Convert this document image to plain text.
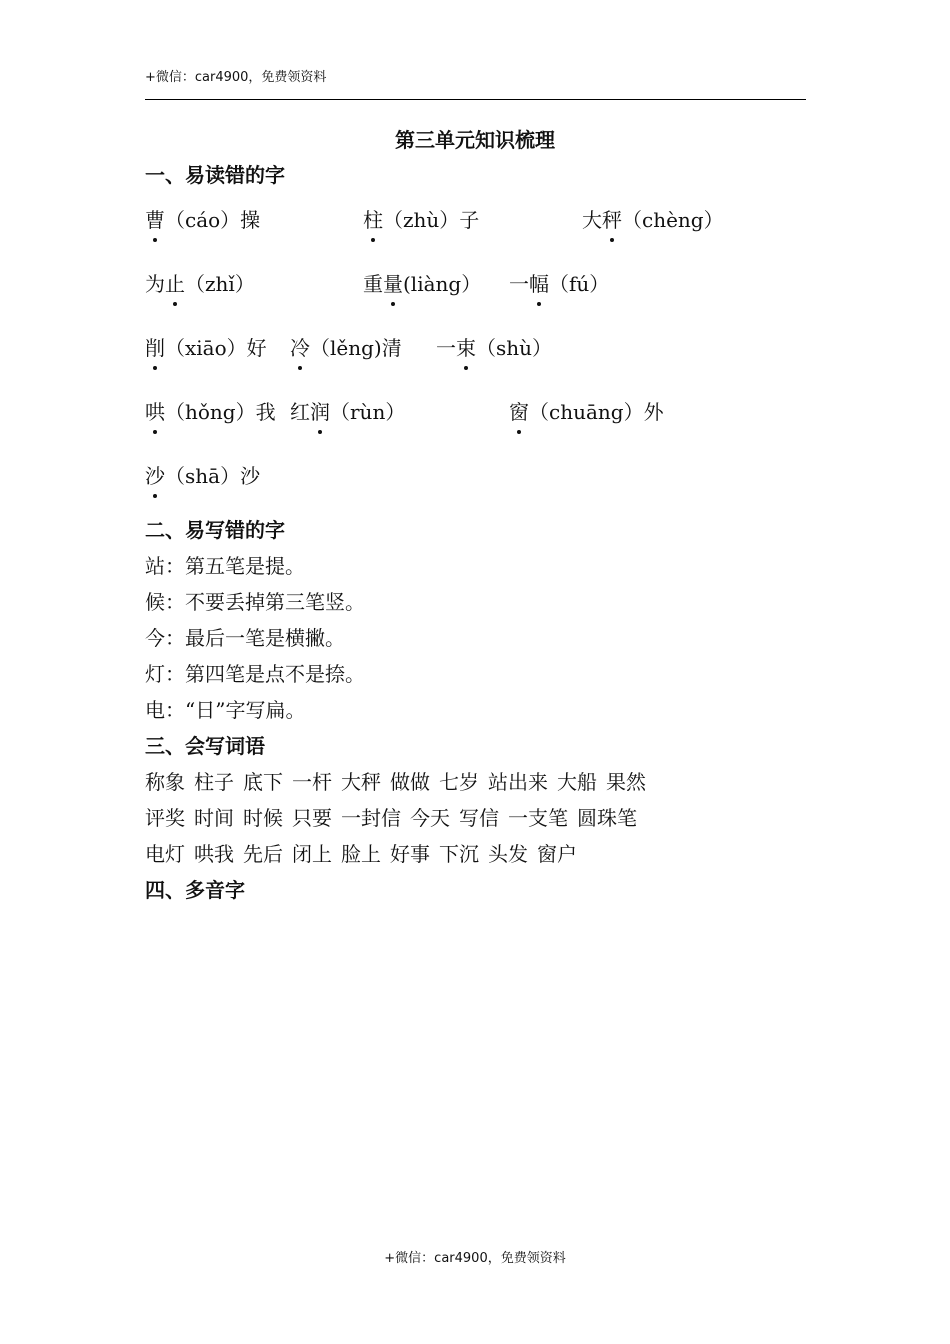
+微信：car4900，免费领资料
第三单元知识梳理
一、易读错的字
曹（cáo）操	柱（zhù）子	大秤（chèng）
为止（zhǐ）	重量(liàng） 一幅（fú）
削（xiāo）好 冷（lěng)清 一束（shù）
哄（hǒng）我 红润（rùn）	窗（chuāng）外
沙（shā）沙
二、易写错的字
站：第五笔是提。
候：不要丢掉第三笔竖。
今：最后一笔是横撇。
灯：第四笔是点不是捺。
电：“日”字写扁。
三、会写词语
称象 柱子 底下 一杆 大秤 做做 七岁 站出来 大船 果然
评奖 时间 时候 只要 一封信 今天 写信 一支笔 圆珠笔
电灯 哄我 先后 闭上 脸上 好事 下沉 头发 窗户
四、多音字
+微信：car4900，免费领资料
